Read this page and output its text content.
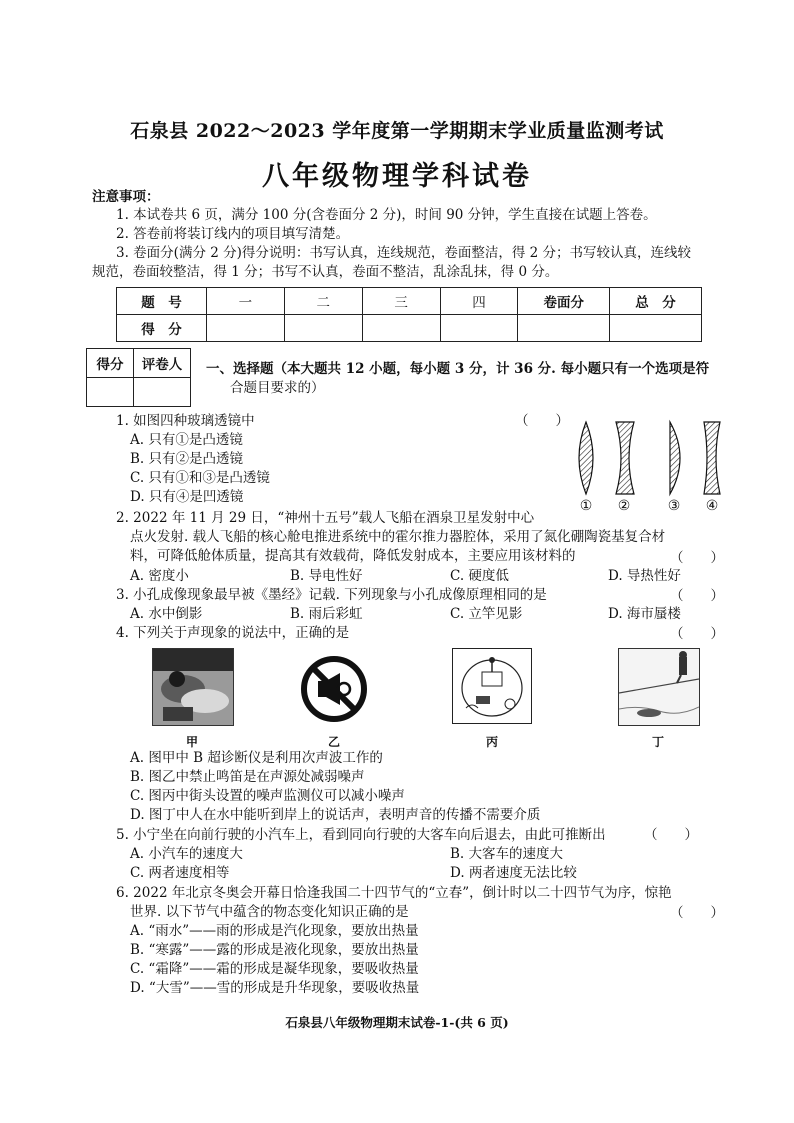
石泉县 2022～2023 学年度第一学期期末学业质量监测考试
八年级物理学科试卷
注意事项：
1. 本试卷共 6 页，满分 100 分(含卷面分 2 分)，时间 90 分钟，学生直接在试题上答卷。
2. 答卷前将装订线内的项目填写清楚。
3. 卷面分(满分 2 分)得分说明：书写认真，连线规范，卷面整洁，得 2 分；书写较认真，连线较
规范，卷面较整洁，得 1 分；书写不认真，卷面不整洁，乱涂乱抹，得 0 分。
题　号	一	二	三	四	卷面分	总　分
得　分						
得分	评卷人
	一、选择题（本大题共 12 小题，每小题 3 分，计 36 分. 每小题只有一个选项是符
合题目要求的）
1. 如图四种玻璃透镜中	（　　）
A. 只有①是凸透镜
B. 只有②是凸透镜
C. 只有①和③是凸透镜
D. 只有④是凹透镜
① ②	③ ④
2. 2022 年 11 月 29 日，“神州十五号”载人飞船在酒泉卫星发射中心
点火发射. 载人飞船的核心舱电推进系统中的霍尔推力器腔体，采用了氮化硼陶瓷基复合材
料，可降低舱体质量，提高其有效载荷，降低发射成本，主要应用该材料的	（　　）
A. 密度小	B. 导电性好	C. 硬度低	D. 导热性好
3. 小孔成像现象最早被《墨经》记载. 下列现象与小孔成像原理相同的是	（　　）
A. 水中倒影	B. 雨后彩虹	C. 立竿见影	D. 海市蜃楼
4. 下列关于声现象的说法中，正确的是	（　　）
甲	乙	丙	丁
A. 图甲中 B 超诊断仪是利用次声波工作的
B. 图乙中禁止鸣笛是在声源处减弱噪声
C. 图丙中街头设置的噪声监测仪可以减小噪声
D. 图丁中人在水中能听到岸上的说话声，表明声音的传播不需要介质
5. 小宁坐在向前行驶的小汽车上，看到同向行驶的大客车向后退去，由此可推断出	（　　）
A. 小汽车的速度大	B. 大客车的速度大
C. 两者速度相等	D. 两者速度无法比较
6. 2022 年北京冬奥会开幕日恰逢我国二十四节气的“立春”，倒计时以二十四节气为序，惊艳
世界. 以下节气中蕴含的物态变化知识正确的是	（　　）
A. “雨水”——雨的形成是汽化现象，要放出热量
B. “寒露”——露的形成是液化现象，要放出热量
C. “霜降”——霜的形成是凝华现象，要吸收热量
D. “大雪”——雪的形成是升华现象，要吸收热量
石泉县八年级物理期末试卷-1-(共 6 页)
